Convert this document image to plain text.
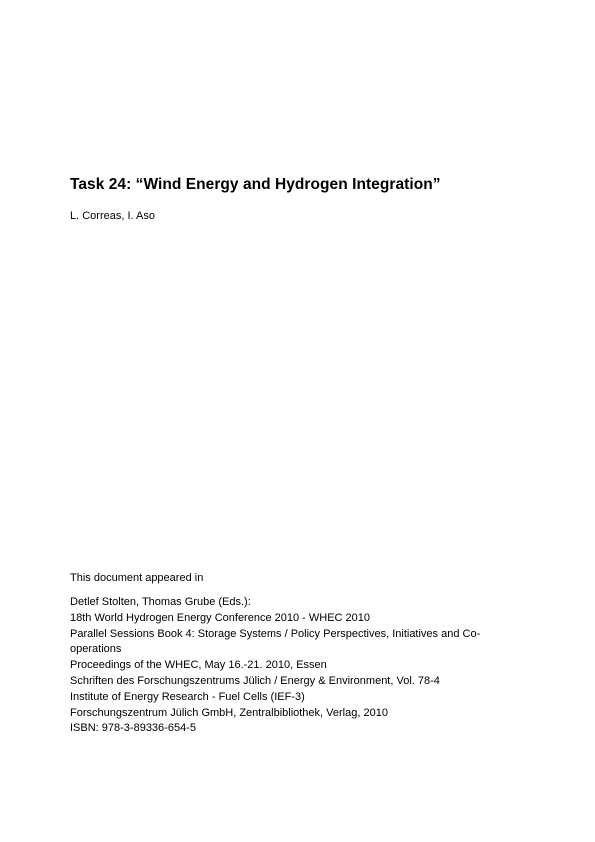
Task 24: “Wind Energy and Hydrogen Integration”
L. Correas, I. Aso
This document appeared in
Detlef Stolten, Thomas Grube (Eds.):
18th World Hydrogen Energy Conference 2010 - WHEC 2010
Parallel Sessions Book 4: Storage Systems / Policy Perspectives, Initiatives and Co-
operations
Proceedings of the WHEC, May 16.-21. 2010, Essen
Schriften des Forschungszentrums Jülich / Energy & Environment, Vol. 78-4
Institute of Energy Research - Fuel Cells (IEF-3)
Forschungszentrum Jülich GmbH, Zentralbibliothek, Verlag, 2010
ISBN: 978-3-89336-654-5
